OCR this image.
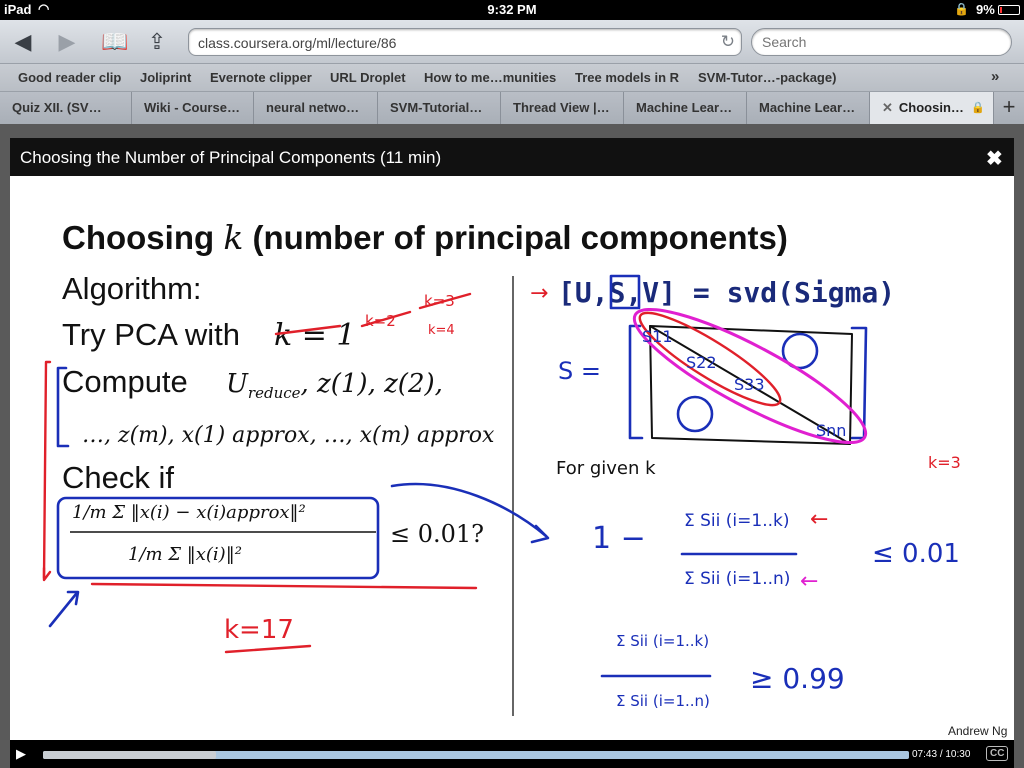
iPad ◠	9:32 PM	🔒 9%
◀	▶	📖 ⇪	class.coursera.org/ml/lecture/86	↻
Search
Good reader clip Joliprint Evernote clipper URL Droplet How to me…munities Tree models in R SVM-Tutor…-package)	»
Quiz XII. (SV…	Wiki - Course…	neural netwo…	SVM-Tutorial…	Thread View |…	Machine Lear…	Machine Lear…	✕ Choosin… 🔒 +
Choosing the Number of Principal Components (11 min)	✖
Choosing k (number of principal components)
Algorithm:
Try PCA with k = 1
Compute $U_{reduce}$, z(1), z(2),
…, z(m), x(1) approx, …, x(m) approx
Check if
1/m Σ ‖x(i) − x(i)approx‖²
1/m Σ ‖x(i)‖²
≤ 0.01?
→ [U,S,V] = svd(Sigma)
S =
S11
S22
S33
Snn
For given k	k=3
1 − Σ Sii (i=1..k)
Σ Sii (i=1..n)
←
←
≤ 0.01
Σ Sii (i=1..k)
Σ Sii (i=1..n)
≥ 0.99
k=2
k=3
k=4
k=17
Andrew Ng
▶	07:43 / 10:30	CC
